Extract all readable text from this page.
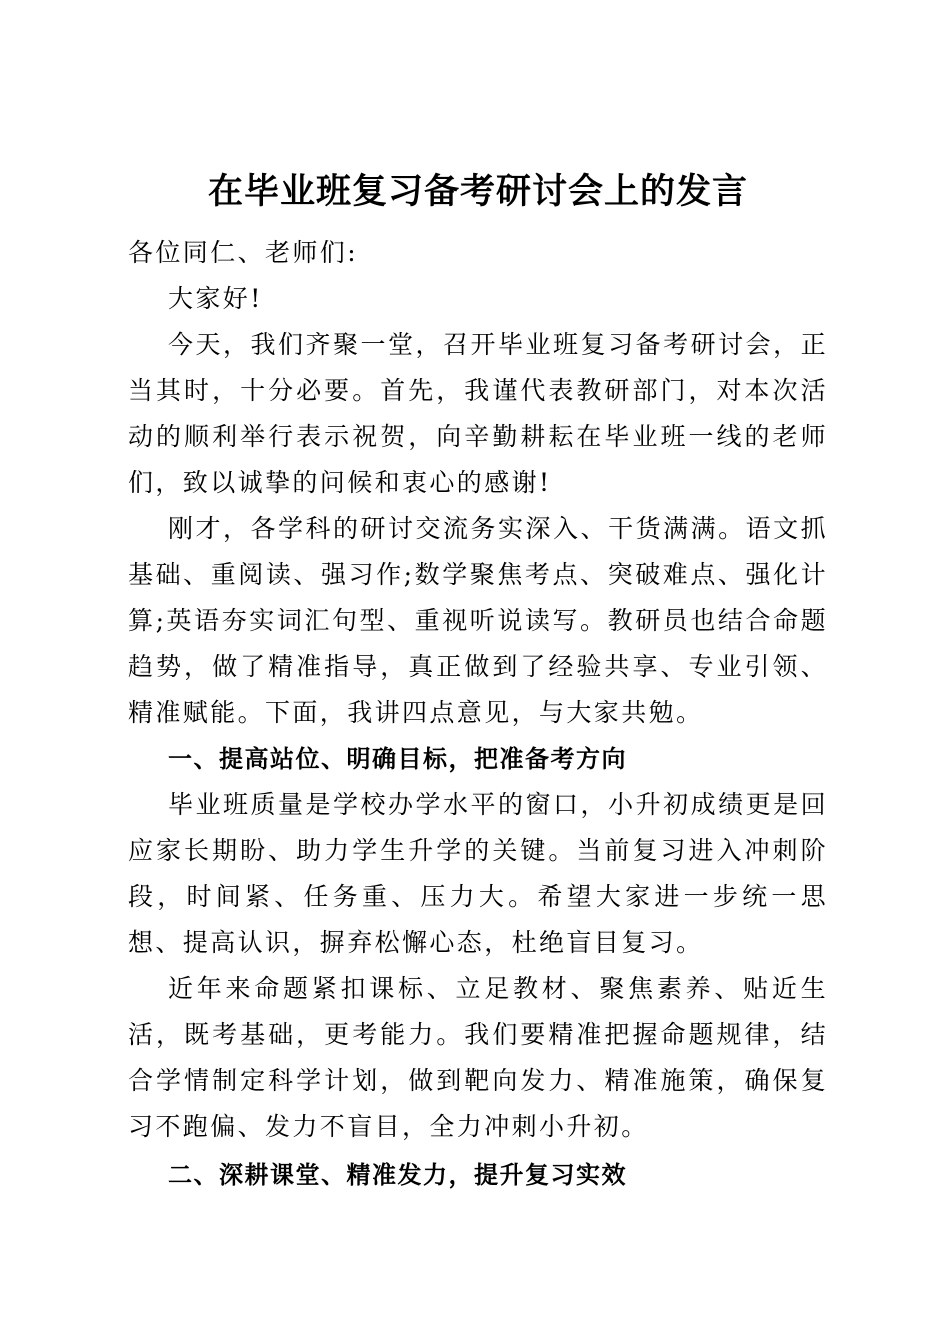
在毕业班复习备考研讨会上的发言

各位同仁、老师们:

大家好!

今天，我们齐聚一堂，召开毕业班复习备考研讨会，正当其时，十分必要。首先，我谨代表教研部门，对本次活动的顺利举行表示祝贺，向辛勤耕耘在毕业班一线的老师们，致以诚挚的问候和衷心的感谢!

刚才，各学科的研讨交流务实深入、干货满满。语文抓基础、重阅读、强习作;数学聚焦考点、突破难点、强化计算;英语夯实词汇句型、重视听说读写。教研员也结合命题趋势，做了精准指导，真正做到了经验共享、专业引领、精准赋能。下面，我讲四点意见，与大家共勉。

一、提高站位、明确目标，把准备考方向

毕业班质量是学校办学水平的窗口，小升初成绩更是回应家长期盼、助力学生升学的关键。当前复习进入冲刺阶段，时间紧、任务重、压力大。希望大家进一步统一思想、提高认识，摒弃松懈心态，杜绝盲目复习。

近年来命题紧扣课标、立足教材、聚焦素养、贴近生活，既考基础，更考能力。我们要精准把握命题规律，结合学情制定科学计划，做到靶向发力、精准施策，确保复习不跑偏、发力不盲目，全力冲刺小升初。

二、深耕课堂、精准发力，提升复习实效
